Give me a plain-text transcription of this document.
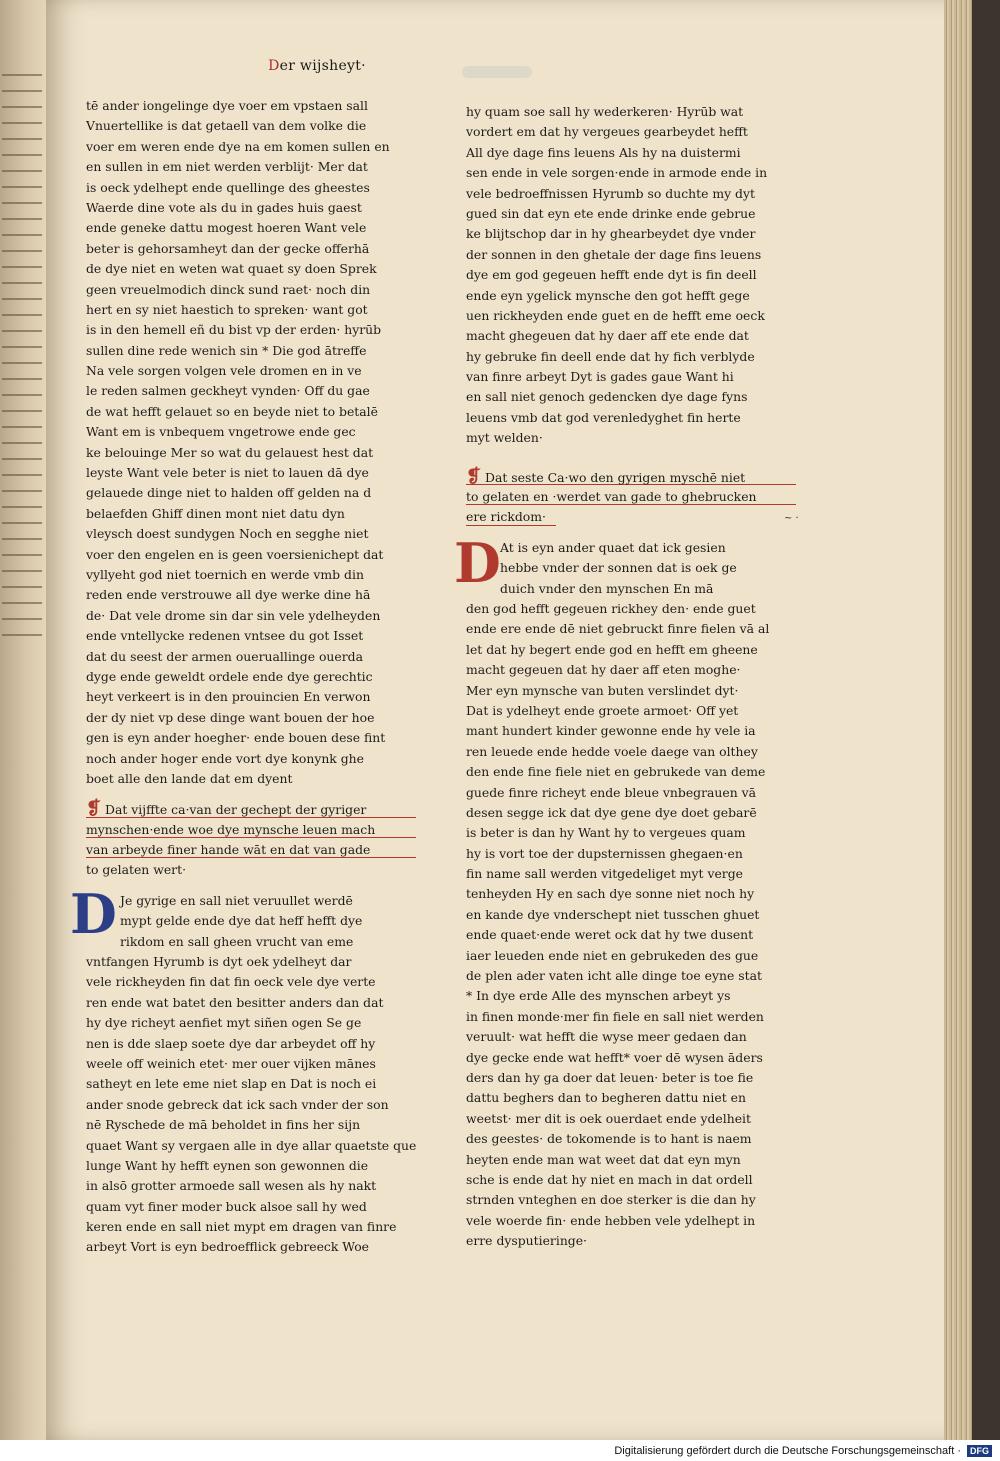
Der wijsheyt·

tē ander iongelinge dye voer em vpstaen sall

Vnuertellike is dat getaell van dem volke die

voer em weren ende dye na em komen sullen en

en sullen in em niet werden verblijt· Mer dat

is oeck ydelhept ende quellinge des gheestes

Waerde dine vote als du in gades huis gaest

ende geneke dattu mogest hoeren Want vele

beter is gehorsamheyt dan der gecke offerhā

de dye niet en weten wat quaet sy doen Sprek

geen vreuelmodich dinck sund raet· noch din

hert en sy niet haestich to spreken· want got

is in den hemell eñ du bist vp der erden· hyrūb

sullen dine rede wenich sin * Die god ātreffe

Na vele sorgen volgen vele dromen en in ve

le reden salmen geckheyt vynden· Off du gae

de wat hefft gelauet so en beyde niet to betalē

Want em is vnbequem vngetrowe ende gec

ke belouinge Mer so wat du gelauest hest dat

leyste Want vele beter is niet to lauen dā dye

gelauede dinge niet to halden off gelden na d

belaefden Ghiff dinen mont niet datu dyn

vleysch doest sundygen Noch en segghe niet

voer den engelen en is geen voersienichept dat

vyllyeht god niet toernich en werde vmb din

reden ende verstrouwe all dye werke dine hā

de· Dat vele drome sin dar sin vele ydelheyden

ende vntellycke redenen vntsee du got Isset

dat du seest der armen oueruallinge ouerda

dyge ende geweldt ordele ende dye gerechtic

heyt verkeert is in den prouincien En verwon

der dy niet vp dese dinge want bouen der hoe

gen is eyn ander hoegher· ende bouen dese fint

noch ander hoger ende vort dye konynk ghe

boet alle den lande dat em dyent

❡ Dat vijffte ca·van der gechept der gyriger

mynschen·ende woe dye mynsche leuen mach

van arbeyde finer hande wāt en dat van gade

to gelaten wert·

D Je gyrige en sall niet veruullet werdē

mypt gelde ende dye dat heff hefft dye

rikdom en sall gheen vrucht van eme

vntfangen Hyrumb is dyt oek ydelheyt dar

vele rickheyden fin dat fin oeck vele dye verte

ren ende wat batet den besitter anders dan dat

hy dye richeyt aenfiet myt siñen ogen Se ge

nen is dde slaep soete dye dar arbeydet off hy

weele off weinich etet· mer ouer vijken mānes

satheyt en lete eme niet slap en Dat is noch ei

ander snode gebreck dat ick sach vnder der son

nē Ryschede de mā beholdet in fins her sijn

quaet Want sy vergaen alle in dye allar quaetste que

lunge Want hy hefft eynen son gewonnen die

in alsō grotter armoede sall wesen als hy nakt

quam vyt finer moder buck alsoe sall hy wed

keren ende en sall niet mypt em dragen van finre

arbeyt Vort is eyn bedroefflick gebreeck Woe

hy quam soe sall hy wederkeren· Hyrūb wat

vordert em dat hy vergeues gearbeydet hefft

All dye dage fins leuens Als hy na duistermi

sen ende in vele sorgen·ende in armode ende in

vele bedroeffnissen Hyrumb so duchte my dyt

gued sin dat eyn ete ende drinke ende gebrue

ke blijtschop dar in hy ghearbeydet dye vnder

der sonnen in den ghetale der dage fins leuens

dye em god gegeuen hefft ende dyt is fin deell

ende eyn ygelick mynsche den got hefft gege

uen rickheyden ende guet en de hefft eme oeck

macht ghegeuen dat hy daer aff ete ende dat

hy gebruke fin deell ende dat hy fich verblyde

van finre arbeyt Dyt is gades gaue Want hi

en sall niet genoch gedencken dye dage fyns

leuens vmb dat god verenledyghet fin herte

myt welden·

❡ Dat seste Ca·wo den gyrigen myschē niet

to gelaten en ·werdet van gade to ghebrucken

ere rickdom·	~ ·

D At is eyn ander quaet dat ick gesien

hebbe vnder der sonnen dat is oek ge

duich vnder den mynschen En mā

den god hefft gegeuen rickhey den· ende guet

ende ere ende dē niet gebruckt finre fielen vā al

let dat hy begert ende god en hefft em gheene

macht gegeuen dat hy daer aff eten moghe·

Mer eyn mynsche van buten verslindet dyt·

Dat is ydelheyt ende groete armoet· Off yet

mant hundert kinder gewonne ende hy vele ia

ren leuede ende hedde voele daege van olthey

den ende fine fiele niet en gebrukede van deme

guede finre richeyt ende bleue vnbegrauen vā

desen segge ick dat dye gene dye doet gebarē

is beter is dan hy Want hy to vergeues quam

hy is vort toe der dupsternissen ghegaen·en

fin name sall werden vitgedeliget myt verge

tenheyden Hy en sach dye sonne niet noch hy

en kande dye vnderschept niet tusschen ghuet

ende quaet·ende weret ock dat hy twe dusent

iaer leueden ende niet en gebrukeden des gue

de plen ader vaten icht alle dinge toe eyne stat

* In dye erde Alle des mynschen arbeyt ys

in finen monde·mer fin fiele en sall niet werden

veruult· wat hefft die wyse meer gedaen dan

dye gecke ende wat hefft* voer dē wysen āders

ders dan hy ga doer dat leuen· beter is toe fie

dattu beghers dan to begheren dattu niet en

weetst· mer dit is oek ouerdaet ende ydelheit

des geestes· de tokomende is to hant is naem

heyten ende man wat weet dat dat eyn myn

sche is ende dat hy niet en mach in dat ordell

strnden vnteghen en doe sterker is die dan hy

vele woerde fin· ende hebben vele ydelhept in

erre dysputieringe·

Digitalisierung gefördert durch die Deutsche Forschungsgemeinschaft ·	DFG
